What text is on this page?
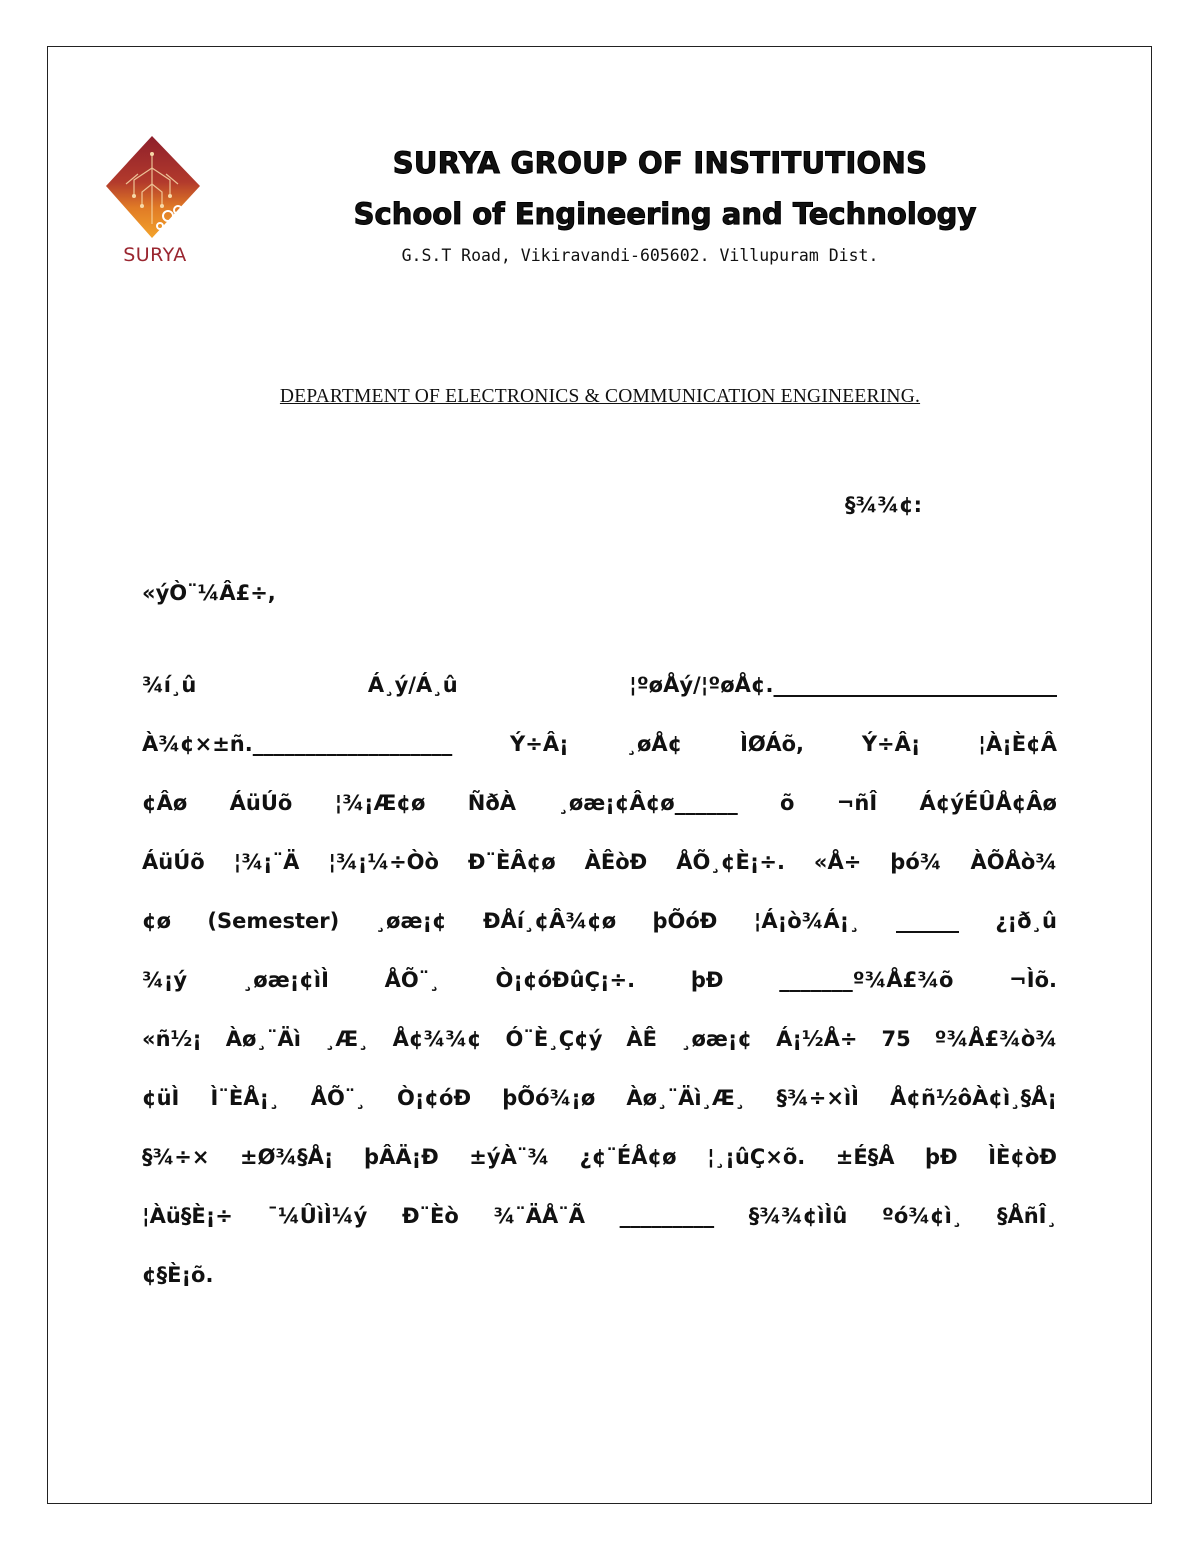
SURYA
SURYA GROUP OF INSTITUTIONS
School of Engineering and Technology
G.S.T Road, Vikiravandi-605602. Villupuram Dist.
DEPARTMENT OF ELECTRONICS & COMMUNICATION ENGINEERING.
§¾¾¢:
«ýÒ¨¼Â£÷,
¾í¸û Á¸ý/Á¸û ¦ºøÅý/¦ºøÅ¢.___________________________
À¾¢×±ñ.___________________ Ý÷Â¡ ¸øÅ¢ ÌØÁõ, Ý÷Â¡ ¦À¡È¢Â
¢Âø ÁüÚõ ¦¾¡Æ¢ø ÑðÀ ¸øæ¡¢Â¢ø______ õ ¬ñÎ Á¢ýÉÛÅ¢Âø
ÁüÚõ ¦¾¡¨Ä ¦¾¡¼÷Òò Ð¨ÈÂ¢ø ÀÊòÐ ÅÕ¸¢È¡÷. «Å÷ þó¾ ÀÕÅò¾
¢ø (Semester) ¸øæ¡¢ ÐÅí¸¢Â¾¢ø þÕóÐ ¦Á¡ò¾Á¡¸ ______ ¿¡ð¸û
¾¡ý ¸øæ¡¢ìÌ ÅÕ¨¸ Ò¡¢óÐûÇ¡÷. þÐ _______º¾Å£¾õ ¬Ìõ.
«ñ½¡ Àø¸¨Äì ¸Æ¸ Å¢¾¾¢ Ó¨È¸Ç¢ý ÀÊ ¸øæ¡¢ Á¡½Å÷ 75 º¾Å£¾ò¾
¢üÌ Ì¨ÈÅ¡¸ ÅÕ¨¸ Ò¡¢óÐ þÕó¾¡ø Àø¸¨Äì¸Æ¸ §¾÷×ìÌ Å¢ñ½ôÀ¢ì¸§Å¡
§¾÷× ±Ø¾§Å¡ þÂÄ¡Ð ±ýÀ¨¾ ¿¢¨ÉÅ¢ø ¦¸¡ûÇ×õ. ±É§Å þÐ ÌÈ¢òÐ
¦Àü§È¡÷ ¯¼ÛìÌ¼ý Ð¨Èò ¾¨ÄÅ¨Ã _________ §¾¾¢ìÌû ºó¾¢ì¸ §ÅñÎ¸
¢§È¡õ.
